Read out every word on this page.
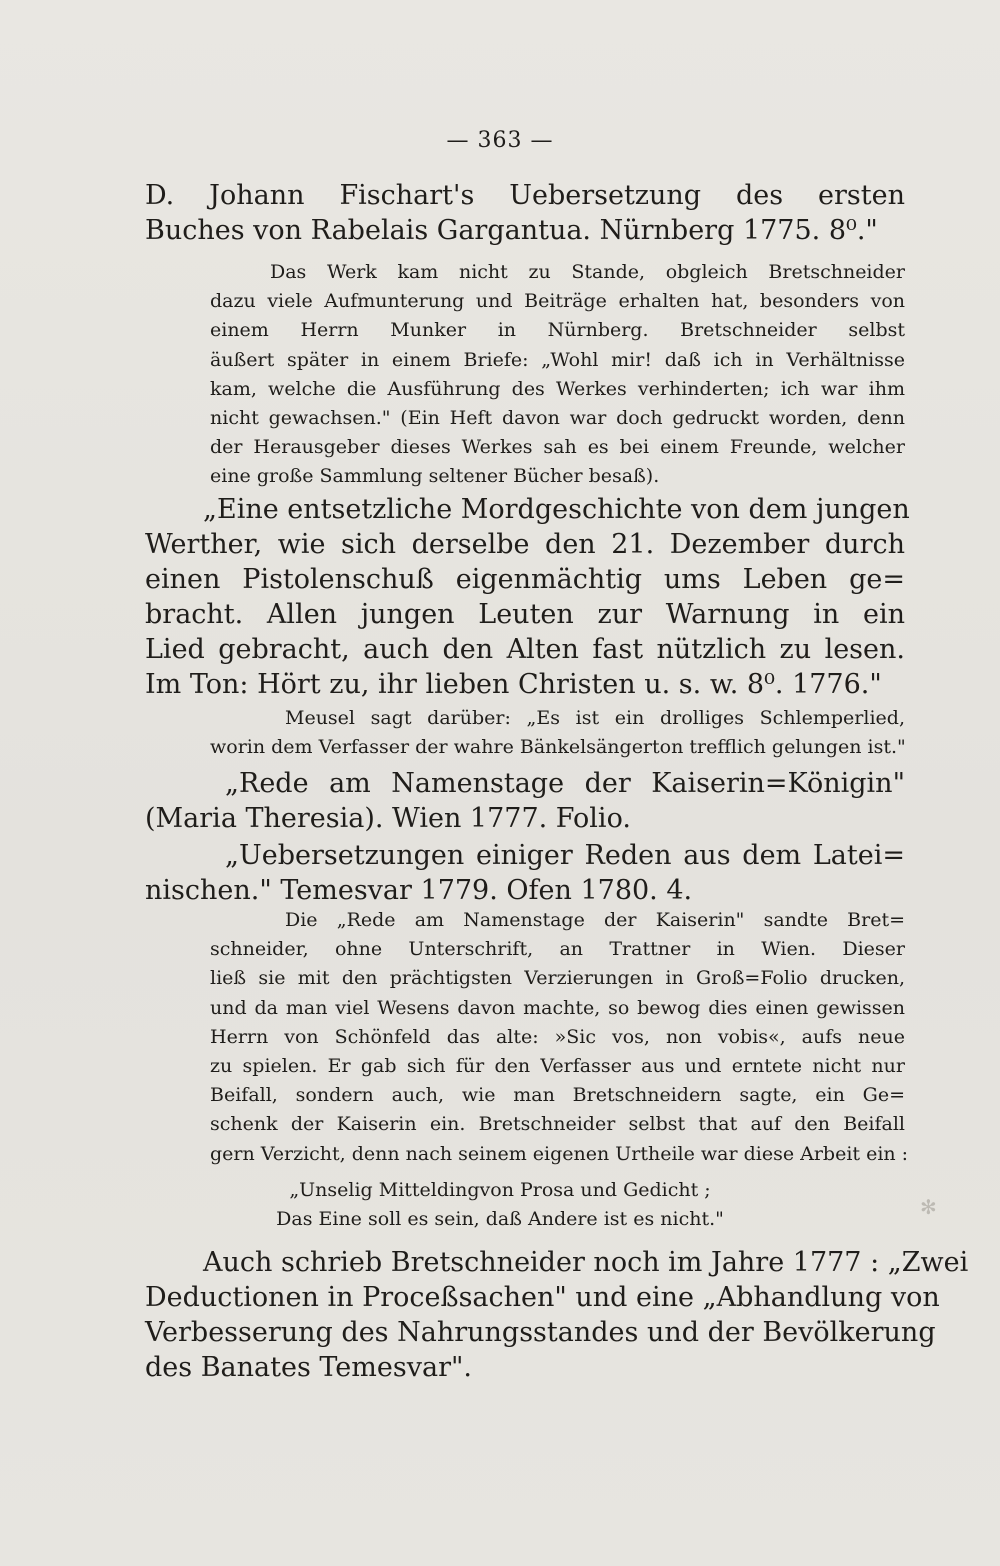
— 363 —
D. Johann Fischart's Uebersetzung des ersten
Buches von Rabelais Gargantua. Nürnberg 1775. 8⁰."
Das Werk kam nicht zu Stande, obgleich Bretschneider
dazu viele Aufmunterung und Beiträge erhalten hat, besonders von
einem Herrn Munker in Nürnberg. Bretschneider selbst
äußert später in einem Briefe: „Wohl mir! daß ich in Verhältnisse
kam, welche die Ausführung des Werkes verhinderten; ich war ihm
nicht gewachsen." (Ein Heft davon war doch gedruckt worden, denn
der Herausgeber dieses Werkes sah es bei einem Freunde, welcher
eine große Sammlung seltener Bücher besaß).
„Eine entsetzliche Mordgeschichte von dem jungen
Werther, wie sich derselbe den 21. Dezember durch
einen Pistolenschuß eigenmächtig ums Leben ge=
bracht. Allen jungen Leuten zur Warnung in ein
Lied gebracht, auch den Alten fast nützlich zu lesen.
Im Ton: Hört zu, ihr lieben Christen u. s. w. 8⁰. 1776."
Meusel sagt darüber: „Es ist ein drolliges Schlemperlied,
worin dem Verfasser der wahre Bänkelsängerton trefflich gelungen ist."
„Rede am Namenstage der Kaiserin=Königin"
(Maria Theresia). Wien 1777. Folio.
„Uebersetzungen einiger Reden aus dem Latei=
nischen." Temesvar 1779. Ofen 1780. 4.
Die „Rede am Namenstage der Kaiserin" sandte Bret=
schneider, ohne Unterschrift, an Trattner in Wien. Dieser
ließ sie mit den prächtigsten Verzierungen in Groß=Folio drucken,
und da man viel Wesens davon machte, so bewog dies einen gewissen
Herrn von Schönfeld das alte: »Sic vos, non vobis«, aufs neue
zu spielen. Er gab sich für den Verfasser aus und erntete nicht nur
Beifall, sondern auch, wie man Bretschneidern sagte, ein Ge=
schenk der Kaiserin ein. Bretschneider selbst that auf den Beifall
gern Verzicht, denn nach seinem eigenen Urtheile war diese Arbeit ein :
„Unselig Mitteldingvon Prosa und Gedicht ;
Das Eine soll es sein, daß Andere ist es nicht."
Auch schrieb Bretschneider noch im Jahre 1777 : „Zwei
Deductionen in Proceßsachen" und eine „Abhandlung von
Verbesserung des Nahrungsstandes und der Bevölkerung
des Banates Temesvar".
✻
